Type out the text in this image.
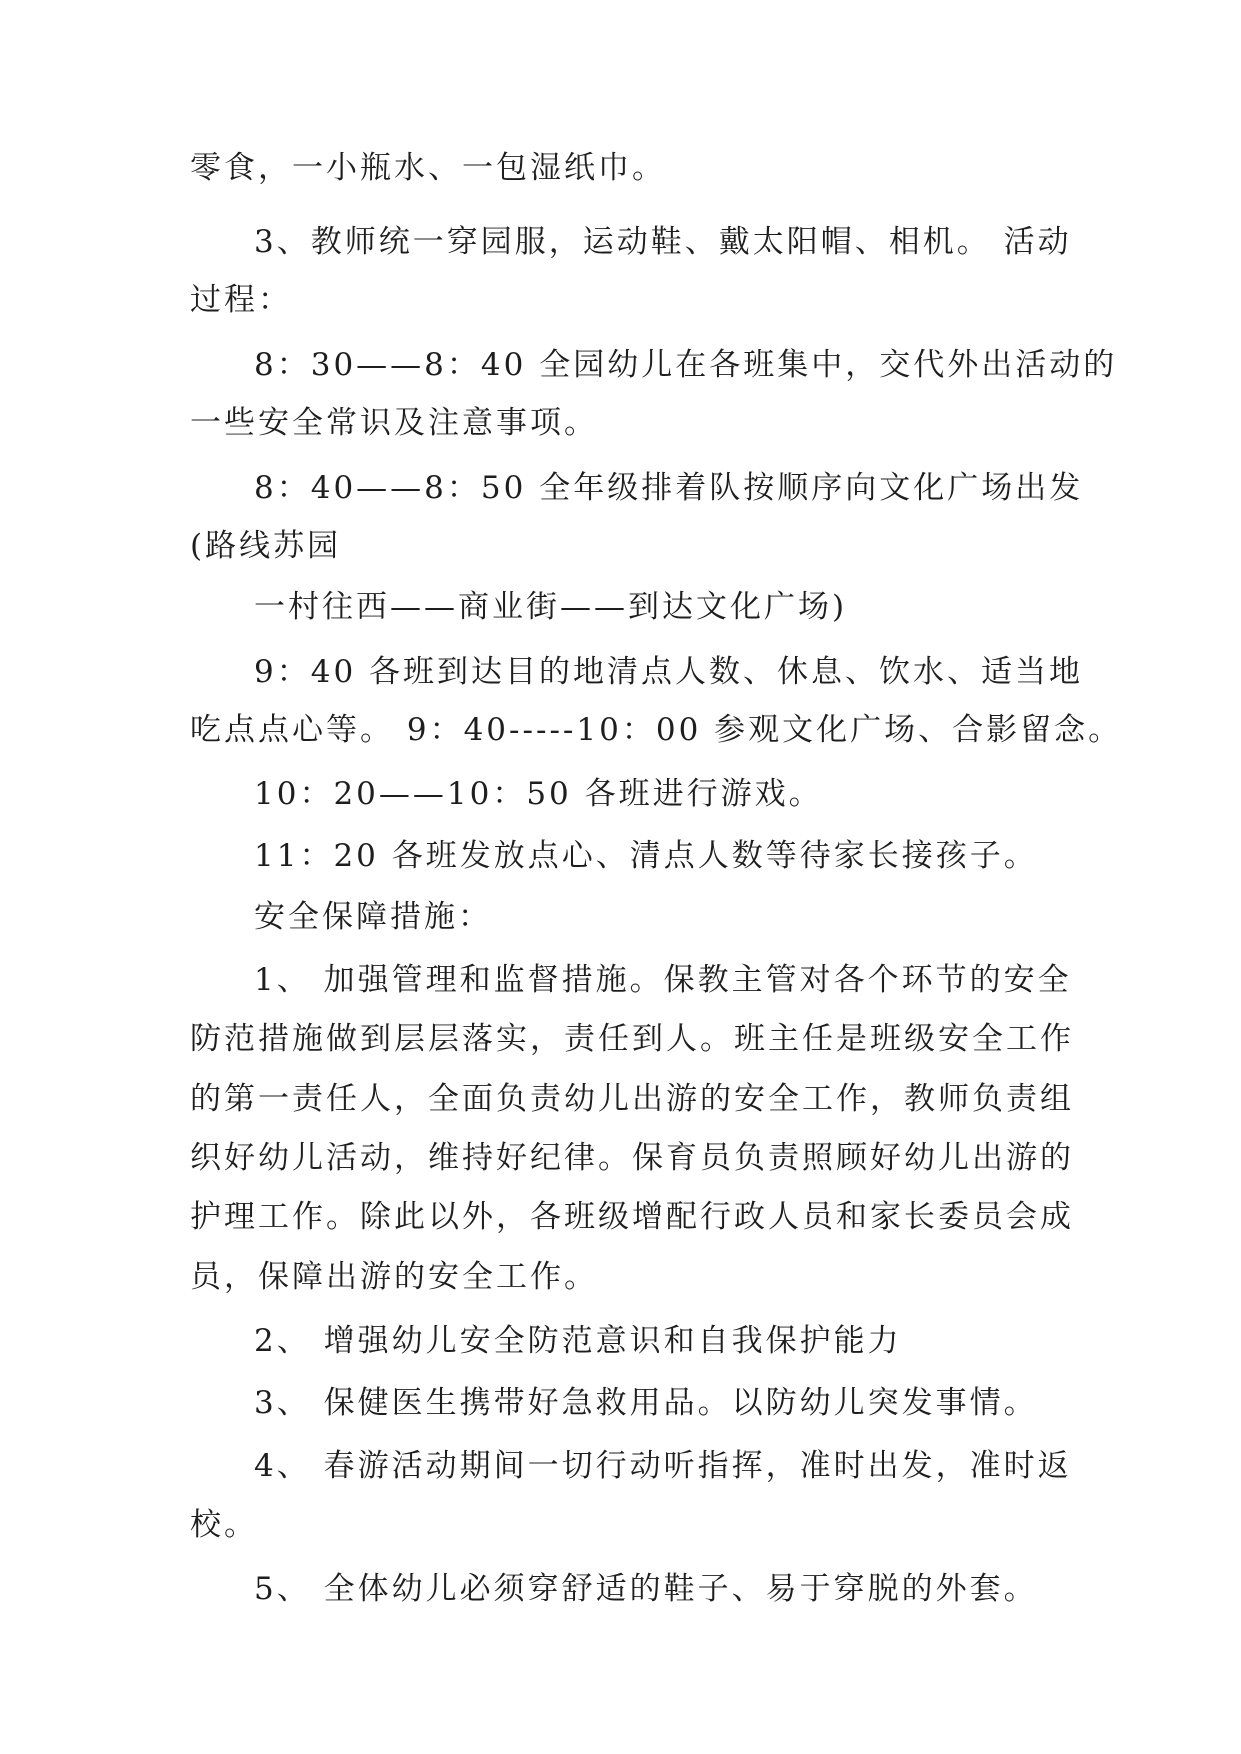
零食，一小瓶水、一包湿纸巾。
3、教师统一穿园服，运动鞋、戴太阳帽、相机。 活动
过程：
8：30——8：40 全园幼儿在各班集中，交代外出活动的
一些安全常识及注意事项。
8：40——8：50 全年级排着队按顺序向文化广场出发
(路线苏园
一村往西——商业街——到达文化广场)
9：40 各班到达目的地清点人数、休息、饮水、适当地
吃点点心等。 9：40-----10：00 参观文化广场、合影留念。
10：20——10：50 各班进行游戏。
11：20 各班发放点心、清点人数等待家长接孩子。
安全保障措施：
1、 加强管理和监督措施。保教主管对各个环节的安全
防范措施做到层层落实，责任到人。班主任是班级安全工作
的第一责任人，全面负责幼儿出游的安全工作，教师负责组
织好幼儿活动，维持好纪律。保育员负责照顾好幼儿出游的
护理工作。除此以外，各班级增配行政人员和家长委员会成
员，保障出游的安全工作。
2、 增强幼儿安全防范意识和自我保护能力
3、 保健医生携带好急救用品。以防幼儿突发事情。
4、 春游活动期间一切行动听指挥，准时出发，准时返
校。
5、 全体幼儿必须穿舒适的鞋子、易于穿脱的外套。
